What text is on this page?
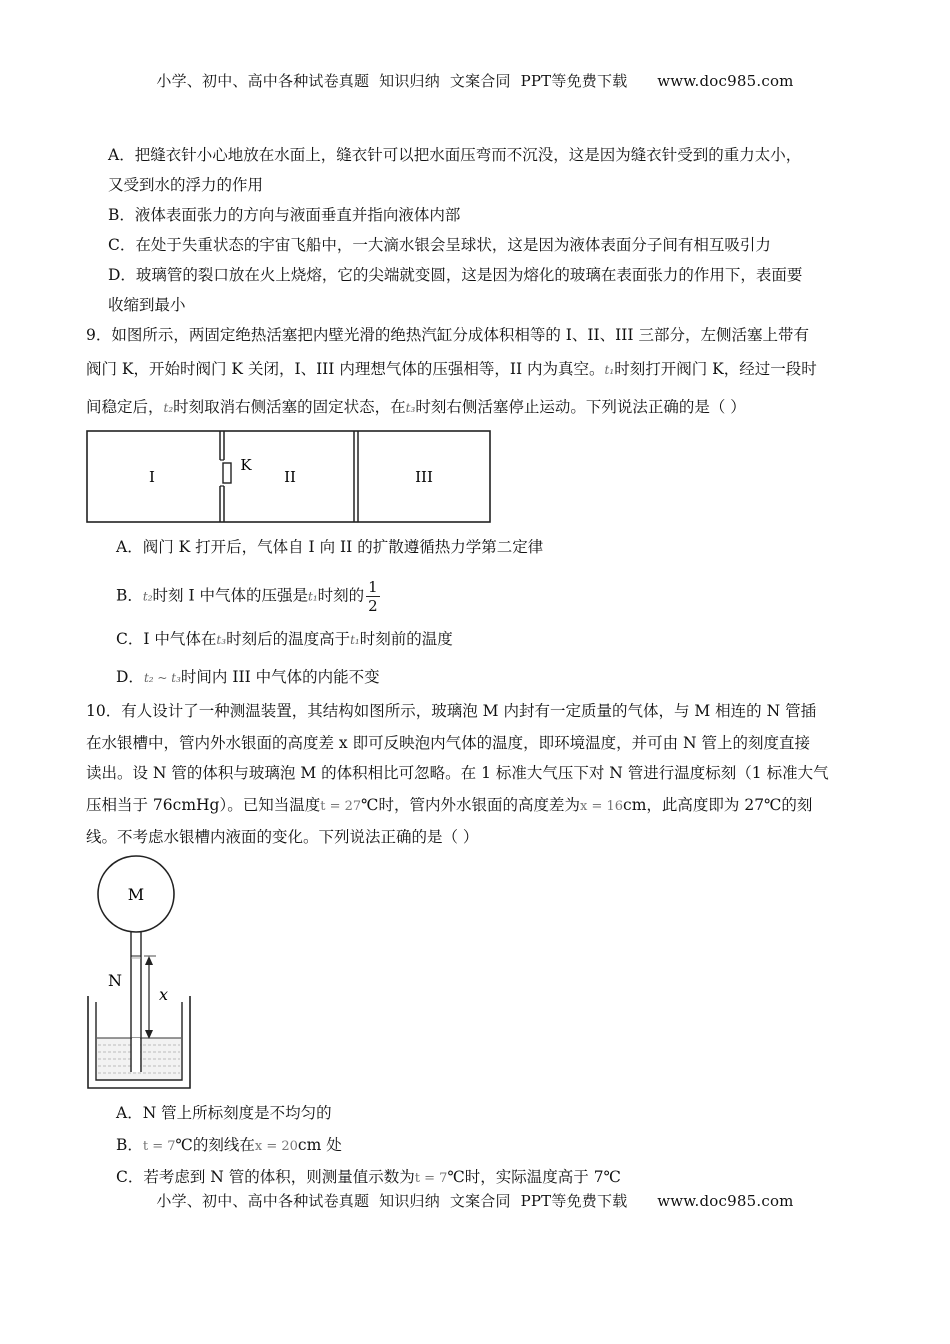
小学、初中、高中各种试卷真题  知识归纳  文案合同  PPT等免费下载      www.doc985.com
A．把缝衣针小心地放在水面上，缝衣针可以把水面压弯而不沉没，这是因为缝衣针受到的重力太小，
又受到水的浮力的作用
B．液体表面张力的方向与液面垂直并指向液体内部
C．在处于失重状态的宇宙飞船中，一大滴水银会呈球状，这是因为液体表面分子间有相互吸引力
D．玻璃管的裂口放在火上烧熔，它的尖端就变圆，这是因为熔化的玻璃在表面张力的作用下，表面要
收缩到最小
9．如图所示，两固定绝热活塞把内壁光滑的绝热汽缸分成体积相等的 I、II、III 三部分，左侧活塞上带有
阀门 K，开始时阀门 K 关闭，I、III 内理想气体的压强相等，II 内为真空。t₁时刻打开阀门 K，经过一段时
间稳定后，t₂时刻取消右侧活塞的固定状态，在t₃时刻右侧活塞停止运动。下列说法正确的是（ ）
I
K
II	III
A．阀门 K 打开后，气体自 I 向 II 的扩散遵循热力学第二定律
B．t₂时刻 I 中气体的压强是t₁时刻的 $\frac{1}{2}$
C．I 中气体在t₃时刻后的温度高于t₁时刻前的温度
D．t₂ ~ t₃时间内 III 中气体的内能不变
10．有人设计了一种测温装置，其结构如图所示，玻璃泡 M 内封有一定质量的气体，与 M 相连的 N 管插
在水银槽中，管内外水银面的高度差 x 即可反映泡内气体的温度，即环境温度，并可由 N 管上的刻度直接
读出。设 N 管的体积与玻璃泡 M 的体积相比可忽略。在 1 标准大气压下对 N 管进行温度标刻（1 标准大气
压相当于 76cmHg）。已知当温度t = 27℃时，管内外水银面的高度差为x = 16cm，此高度即为 27℃的刻
线。不考虑水银槽内液面的变化。下列说法正确的是（ ）
M
N
x
A．N 管上所标刻度是不均匀的
B．t = 7℃的刻线在x = 20cm 处
C．若考虑到 N 管的体积，则测量值示数为t = 7℃时，实际温度高于 7℃
小学、初中、高中各种试卷真题  知识归纳  文案合同  PPT等免费下载      www.doc985.com
